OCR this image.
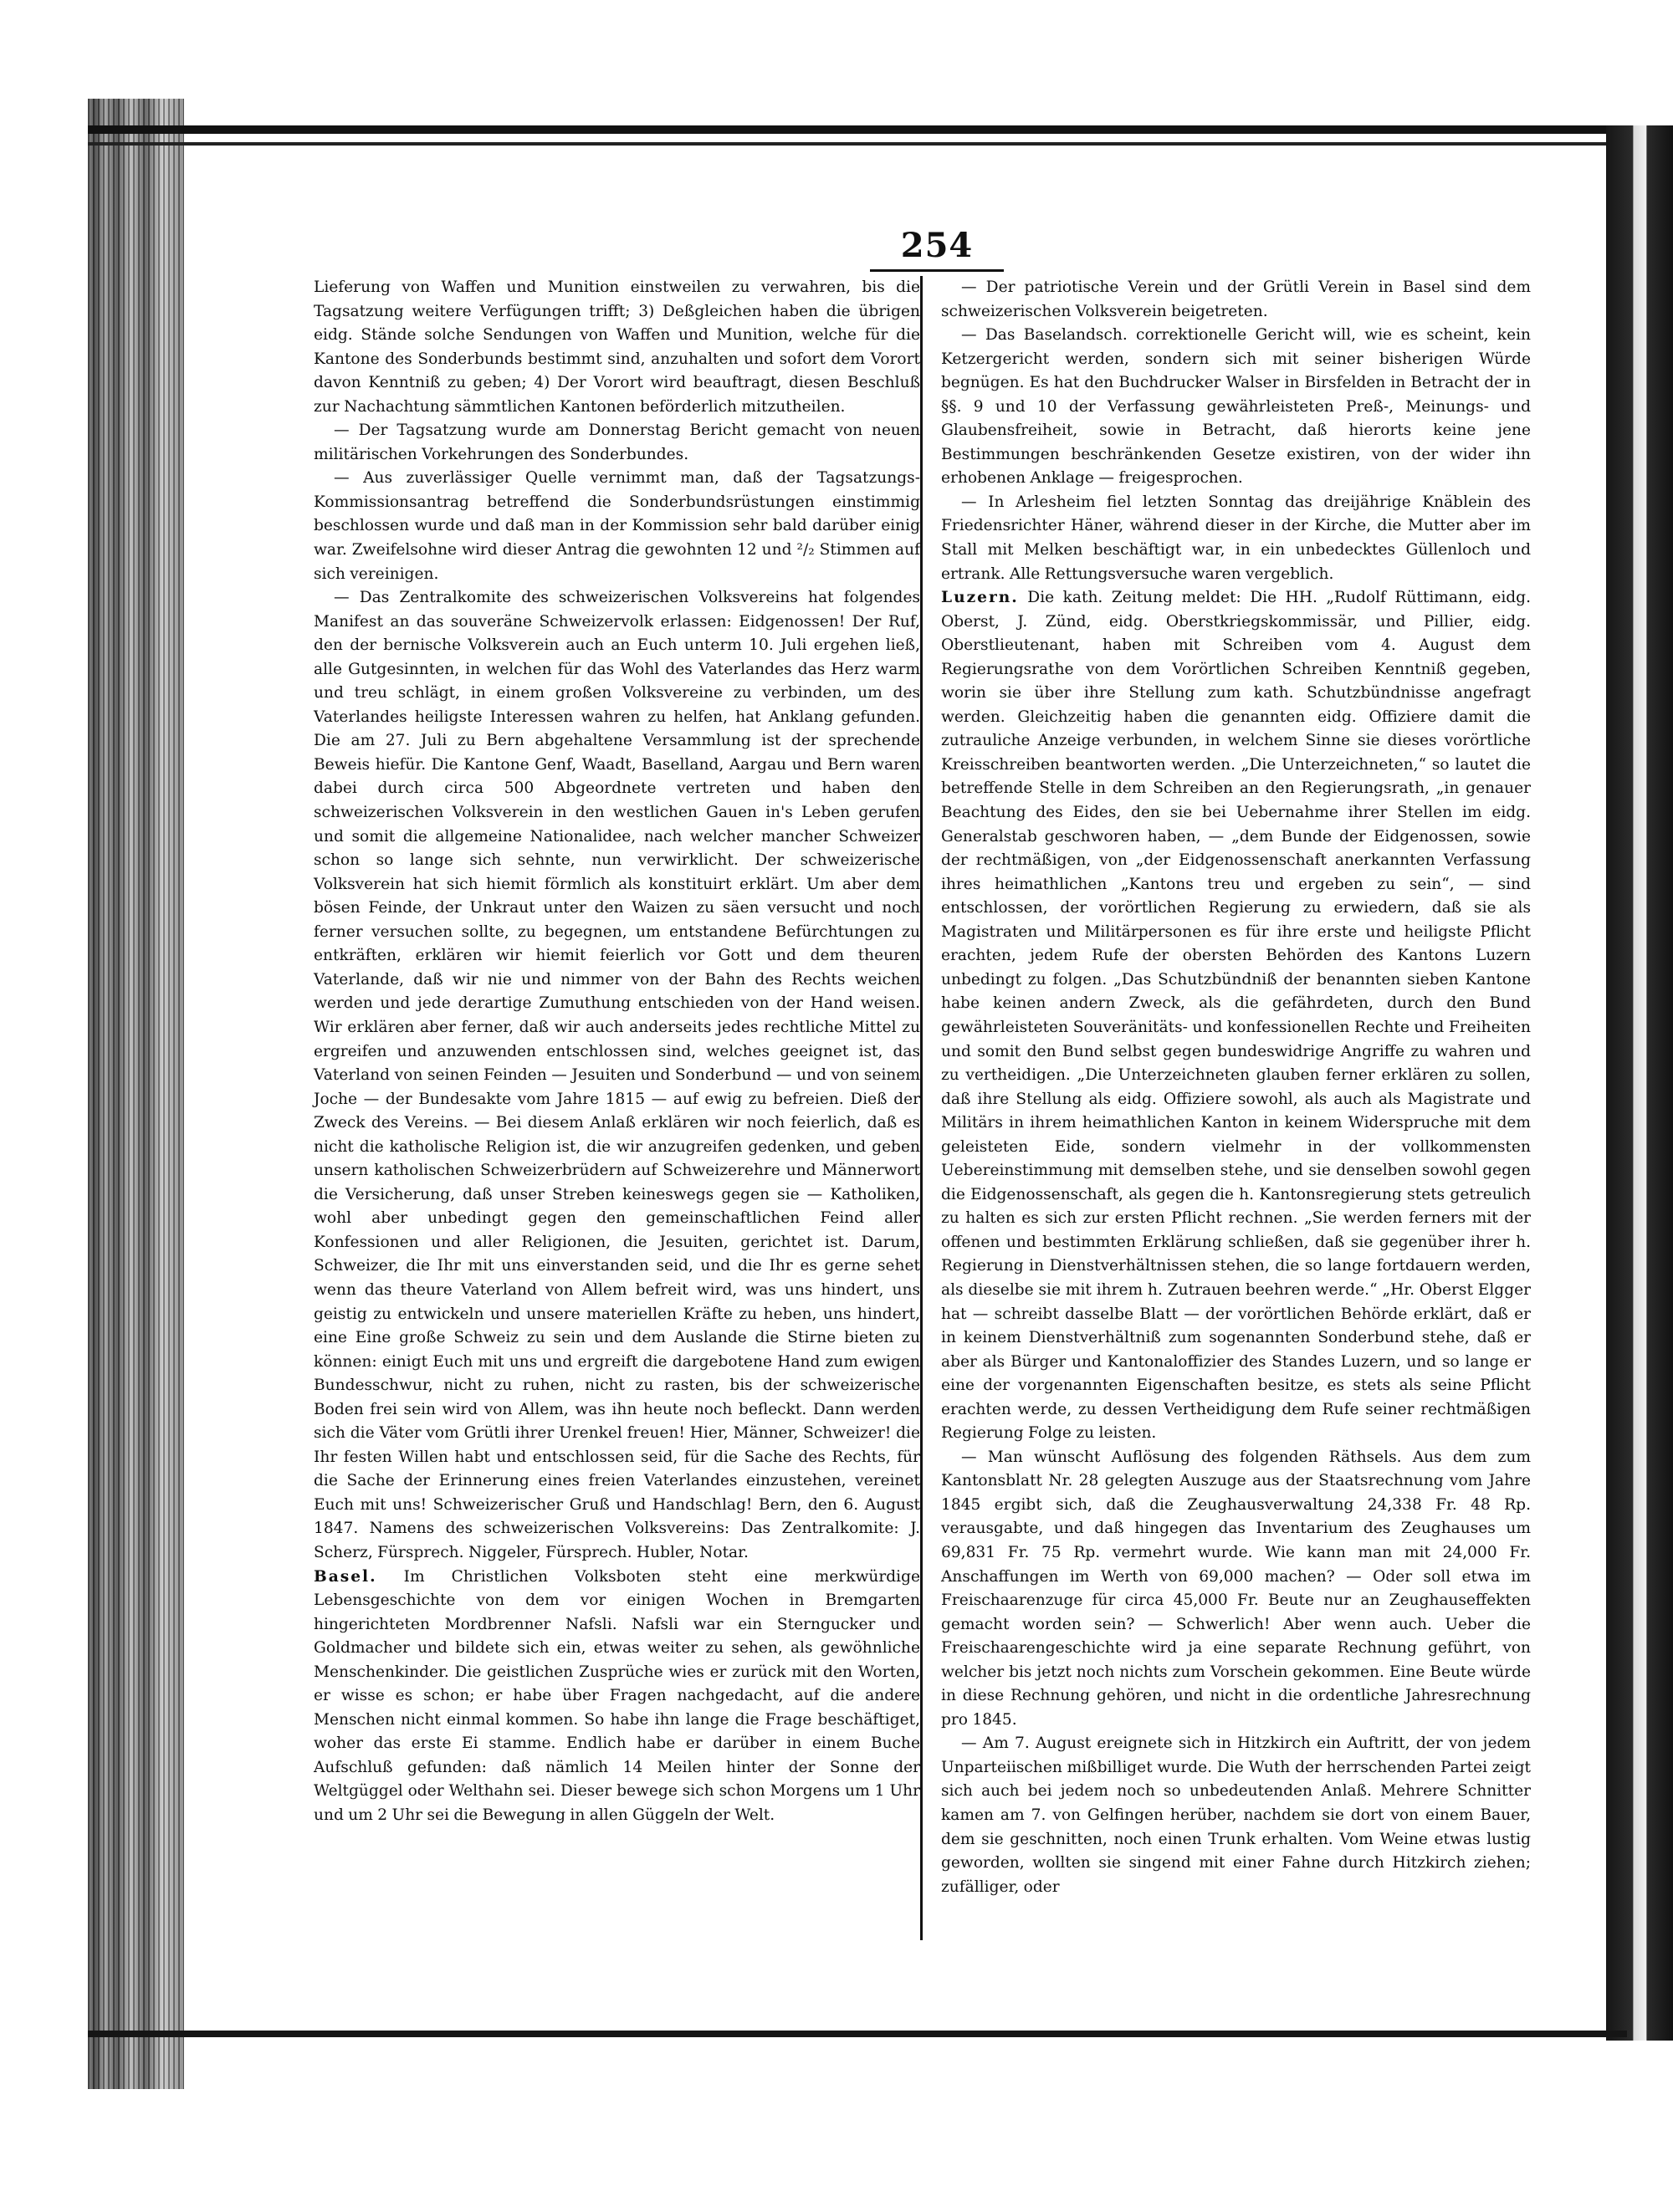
254

Lieferung von Waffen und Munition einstweilen zu verwahren, bis die Tagsatzung weitere Verfügungen trifft; 3) Deßgleichen haben die übrigen eidg. Stände solche Sendungen von Waffen und Munition, welche für die Kantone des Sonderbunds bestimmt sind, anzuhalten und sofort dem Vorort davon Kenntniß zu geben; 4) Der Vorort wird beauftragt, diesen Beschluß zur Nachachtung sämmtlichen Kantonen beförderlich mitzutheilen.

— Der Tagsatzung wurde am Donnerstag Bericht gemacht von neuen militärischen Vorkehrungen des Sonderbundes.

— Aus zuverlässiger Quelle vernimmt man, daß der Tagsatzungs-Kommissionsantrag betreffend die Sonderbundsrüstungen einstimmig beschlossen wurde und daß man in der Kommission sehr bald darüber einig war. Zweifelsohne wird dieser Antrag die gewohnten 12 und ²/₂ Stimmen auf sich vereinigen.

— Das Zentralkomite des schweizerischen Volksvereins hat folgendes Manifest an das souveräne Schweizervolk erlassen: Eidgenossen! Der Ruf, den der bernische Volksverein auch an Euch unterm 10. Juli ergehen ließ, alle Gutgesinnten, in welchen für das Wohl des Vaterlandes das Herz warm und treu schlägt, in einem großen Volksvereine zu verbinden, um des Vaterlandes heiligste Interessen wahren zu helfen, hat Anklang gefunden. Die am 27. Juli zu Bern abgehaltene Versammlung ist der sprechende Beweis hiefür. Die Kantone Genf, Waadt, Baselland, Aargau und Bern waren dabei durch circa 500 Abgeordnete vertreten und haben den schweizerischen Volksverein in den westlichen Gauen in's Leben gerufen und somit die allgemeine Nationalidee, nach welcher mancher Schweizer schon so lange sich sehnte, nun verwirklicht. Der schweizerische Volksverein hat sich hiemit förmlich als konstituirt erklärt. Um aber dem bösen Feinde, der Unkraut unter den Waizen zu säen versucht und noch ferner versuchen sollte, zu begegnen, um entstandene Befürchtungen zu entkräften, erklären wir hiemit feierlich vor Gott und dem theuren Vaterlande, daß wir nie und nimmer von der Bahn des Rechts weichen werden und jede derartige Zumuthung entschieden von der Hand weisen. Wir erklären aber ferner, daß wir auch anderseits jedes rechtliche Mittel zu ergreifen und anzuwenden entschlossen sind, welches geeignet ist, das Vaterland von seinen Feinden — Jesuiten und Sonderbund — und von seinem Joche — der Bundesakte vom Jahre 1815 — auf ewig zu befreien. Dieß der Zweck des Vereins. — Bei diesem Anlaß erklären wir noch feierlich, daß es nicht die katholische Religion ist, die wir anzugreifen gedenken, und geben unsern katholischen Schweizerbrüdern auf Schweizerehre und Männerwort die Versicherung, daß unser Streben keineswegs gegen sie — Katholiken, wohl aber unbedingt gegen den gemeinschaftlichen Feind aller Konfessionen und aller Religionen, die Jesuiten, gerichtet ist. Darum, Schweizer, die Ihr mit uns einverstanden seid, und die Ihr es gerne sehet wenn das theure Vaterland von Allem befreit wird, was uns hindert, uns geistig zu entwickeln und unsere materiellen Kräfte zu heben, uns hindert, eine Eine große Schweiz zu sein und dem Auslande die Stirne bieten zu können: einigt Euch mit uns und ergreift die dargebotene Hand zum ewigen Bundesschwur, nicht zu ruhen, nicht zu rasten, bis der schweizerische Boden frei sein wird von Allem, was ihn heute noch befleckt. Dann werden sich die Väter vom Grütli ihrer Urenkel freuen! Hier, Männer, Schweizer! die Ihr festen Willen habt und entschlossen seid, für die Sache des Rechts, für die Sache der Erinnerung eines freien Vaterlandes einzustehen, vereinet Euch mit uns! Schweizerischer Gruß und Handschlag! Bern, den 6. August 1847. Namens des schweizerischen Volksvereins: Das Zentralkomite: J. Scherz, Fürsprech. Niggeler, Fürsprech. Hubler, Notar.

Basel. Im Christlichen Volksboten steht eine merkwürdige Lebensgeschichte von dem vor einigen Wochen in Bremgarten hingerichteten Mordbrenner Nafsli. Nafsli war ein Sterngucker und Goldmacher und bildete sich ein, etwas weiter zu sehen, als gewöhnliche Menschenkinder. Die geistlichen Zusprüche wies er zurück mit den Worten, er wisse es schon; er habe über Fragen nachgedacht, auf die andere Menschen nicht einmal kommen. So habe ihn lange die Frage beschäftiget, woher das erste Ei stamme. Endlich habe er darüber in einem Buche Aufschluß gefunden: daß nämlich 14 Meilen hinter der Sonne der Weltgüggel oder Welthahn sei. Dieser bewege sich schon Morgens um 1 Uhr und um 2 Uhr sei die Bewegung in allen Güggeln der Welt.

— Der patriotische Verein und der Grütli Verein in Basel sind dem schweizerischen Volksverein beigetreten.

— Das Baselandsch. correktionelle Gericht will, wie es scheint, kein Ketzergericht werden, sondern sich mit seiner bisherigen Würde begnügen. Es hat den Buchdrucker Walser in Birsfelden in Betracht der in §§. 9 und 10 der Verfassung gewährleisteten Preß-, Meinungs- und Glaubensfreiheit, sowie in Betracht, daß hierorts keine jene Bestimmungen beschränkenden Gesetze existiren, von der wider ihn erhobenen Anklage — freigesprochen.

— In Arlesheim fiel letzten Sonntag das dreijährige Knäblein des Friedensrichter Häner, während dieser in der Kirche, die Mutter aber im Stall mit Melken beschäftigt war, in ein unbedecktes Güllenloch und ertrank. Alle Rettungsversuche waren vergeblich.

Luzern. Die kath. Zeitung meldet: Die HH. „Rudolf Rüttimann, eidg. Oberst, J. Zünd, eidg. Oberstkriegskommissär, und Pillier, eidg. Oberstlieutenant, haben mit Schreiben vom 4. August dem Regierungsrathe von dem Vorörtlichen Schreiben Kenntniß gegeben, worin sie über ihre Stellung zum kath. Schutzbündnisse angefragt werden. Gleichzeitig haben die genannten eidg. Offiziere damit die zutrauliche Anzeige verbunden, in welchem Sinne sie dieses vorörtliche Kreisschreiben beantworten werden. „Die Unterzeichneten,“ so lautet die betreffende Stelle in dem Schreiben an den Regierungsrath, „in genauer Beachtung des Eides, den sie bei Uebernahme ihrer Stellen im eidg. Generalstab geschworen haben, — „dem Bunde der Eidgenossen, sowie der rechtmäßigen, von „der Eidgenossenschaft anerkannten Verfassung ihres heimathlichen „Kantons treu und ergeben zu sein“, — sind entschlossen, der vorörtlichen Regierung zu erwiedern, daß sie als Magistraten und Militärpersonen es für ihre erste und heiligste Pflicht erachten, jedem Rufe der obersten Behörden des Kantons Luzern unbedingt zu folgen. „Das Schutzbündniß der benannten sieben Kantone habe keinen andern Zweck, als die gefährdeten, durch den Bund gewährleisteten Souveränitäts- und konfessionellen Rechte und Freiheiten und somit den Bund selbst gegen bundeswidrige Angriffe zu wahren und zu vertheidigen. „Die Unterzeichneten glauben ferner erklären zu sollen, daß ihre Stellung als eidg. Offiziere sowohl, als auch als Magistrate und Militärs in ihrem heimathlichen Kanton in keinem Widerspruche mit dem geleisteten Eide, sondern vielmehr in der vollkommensten Uebereinstimmung mit demselben stehe, und sie denselben sowohl gegen die Eidgenossenschaft, als gegen die h. Kantonsregierung stets getreulich zu halten es sich zur ersten Pflicht rechnen. „Sie werden ferners mit der offenen und bestimmten Erklärung schließen, daß sie gegenüber ihrer h. Regierung in Dienstverhältnissen stehen, die so lange fortdauern werden, als dieselbe sie mit ihrem h. Zutrauen beehren werde.“ „Hr. Oberst Elgger hat — schreibt dasselbe Blatt — der vorörtlichen Behörde erklärt, daß er in keinem Dienstverhältniß zum sogenannten Sonderbund stehe, daß er aber als Bürger und Kantonaloffizier des Standes Luzern, und so lange er eine der vorgenannten Eigenschaften besitze, es stets als seine Pflicht erachten werde, zu dessen Vertheidigung dem Rufe seiner rechtmäßigen Regierung Folge zu leisten.

— Man wünscht Auflösung des folgenden Räthsels. Aus dem zum Kantonsblatt Nr. 28 gelegten Auszuge aus der Staatsrechnung vom Jahre 1845 ergibt sich, daß die Zeughausverwaltung 24,338 Fr. 48 Rp. verausgabte, und daß hingegen das Inventarium des Zeughauses um 69,831 Fr. 75 Rp. vermehrt wurde. Wie kann man mit 24,000 Fr. Anschaffungen im Werth von 69,000 machen? — Oder soll etwa im Freischaarenzuge für circa 45,000 Fr. Beute nur an Zeughauseffekten gemacht worden sein? — Schwerlich! Aber wenn auch. Ueber die Freischaarengeschichte wird ja eine separate Rechnung geführt, von welcher bis jetzt noch nichts zum Vorschein gekommen. Eine Beute würde in diese Rechnung gehören, und nicht in die ordentliche Jahresrechnung pro 1845.

— Am 7. August ereignete sich in Hitzkirch ein Auftritt, der von jedem Unparteiischen mißbilliget wurde. Die Wuth der herrschenden Partei zeigt sich auch bei jedem noch so unbedeutenden Anlaß. Mehrere Schnitter kamen am 7. von Gelfingen herüber, nachdem sie dort von einem Bauer, dem sie geschnitten, noch einen Trunk erhalten. Vom Weine etwas lustig geworden, wollten sie singend mit einer Fahne durch Hitzkirch ziehen; zufälliger, oder
